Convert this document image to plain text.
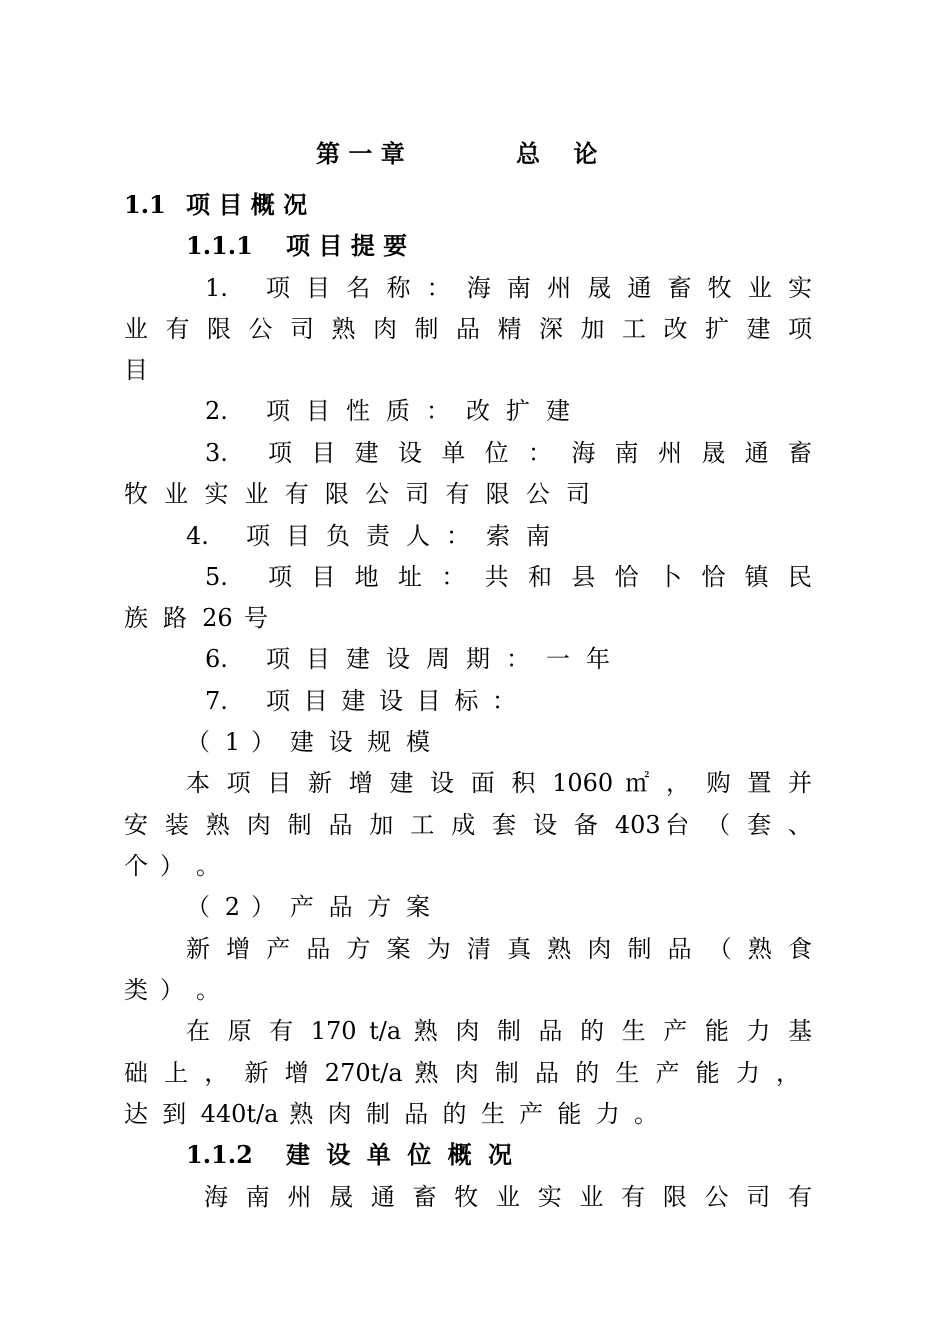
第 一 章	总    论
1.1 项 目 概 况
1.1.1 项 目 提 要
1. 项 目 名 称 ： 海 南 州 晟 通 畜 牧 业 实
业 有 限 公 司 熟 肉 制 品 精 深 加 工 改 扩 建 项
目
2. 项 目 性 质 ： 改 扩 建
3. 项 目 建 设 单 位 ： 海 南 州 晟 通 畜
牧 业 实 业 有 限 公 司 有 限 公 司
4. 项 目 负 责 人 ： 索 南
5. 项 目 地 址 ： 共 和 县 恰 卜 恰 镇 民
族 路 26 号
6. 项 目 建 设 周 期 ： 一 年
7. 项 目 建 设 目 标 ：
（ 1 ） 建 设 规 模
本 项 目 新 增 建 设 面 积 1060 ㎡ ， 购 置 并
安 装 熟 肉 制 品 加 工 成 套 设 备 403台 （ 套 、
个 ） 。
（ 2 ） 产 品 方 案
新 增 产 品 方 案 为 清 真 熟 肉 制 品 （ 熟 食
类 ） 。
在 原 有 170 t/a 熟 肉 制 品 的 生 产 能 力 基
础 上 ， 新 增 270t/a 熟 肉 制 品 的 生 产 能 力 ，
达 到 440t/a 熟 肉 制 品 的 生 产 能 力 。
1.1.2 建 设 单 位 概 况
海 南 州 晟 通 畜 牧 业 实 业 有 限 公 司 有
